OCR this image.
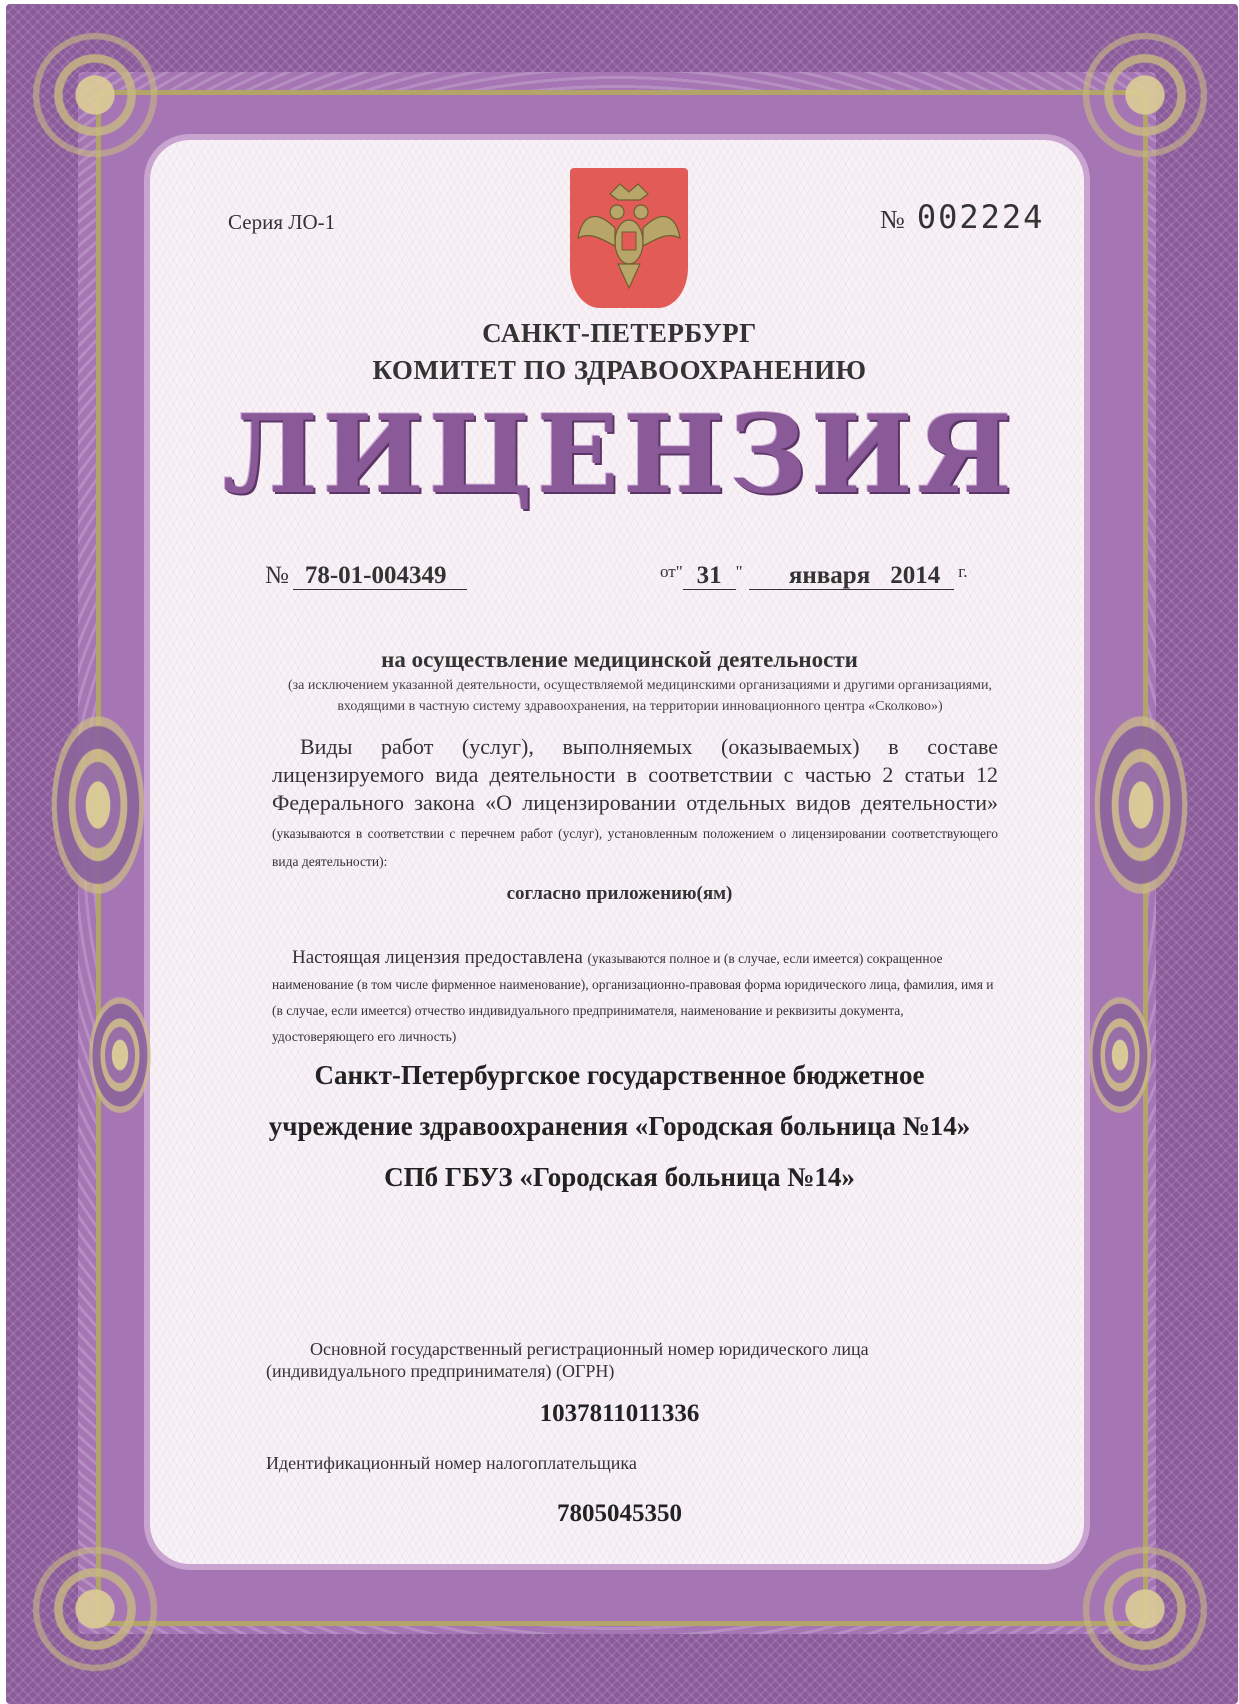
Серия ЛО-1	№ 002224
САНКТ-ПЕТЕРБУРГ
КОМИТЕТ ПО ЗДРАВООХРАНЕНИЮ
ЛИЦЕНЗИЯ
№ 78-01-004349	$^{от"}$ 31 " января 2014 $^{г.}$
на осуществление медицинской деятельности
(за исключением указанной деятельности, осуществляемой медицинскими организациями и другими организациями, входящими в частную систему здравоохранения, на территории инновационного центра «Сколково»)
Виды работ (услуг), выполняемых (оказываемых) в составе лицензируемого вида деятельности в соответствии с частью 2 статьи 12 Федерального закона «О лицензировании отдельных видов деятельности» (указываются в соответствии с перечнем работ (услуг), установленным положением о лицензировании соответствующего вида деятельности):
согласно приложению(ям)
Настоящая лицензия предоставлена (указываются полное и (в случае, если имеется) сокращенное наименование (в том числе фирменное наименование), организационно-правовая форма юридического лица, фамилия, имя и (в случае, если имеется) отчество индивидуального предпринимателя, наименование и реквизиты документа, удостоверяющего его личность)
Санкт-Петербургское государственное бюджетное
учреждение здравоохранения «Городская больница №14»
СПб ГБУЗ «Городская больница №14»
Основной государственный регистрационный номер юридического лица (индивидуального предпринимателя) (ОГРН)
1037811011336
Идентификационный номер налогоплательщика
7805045350
